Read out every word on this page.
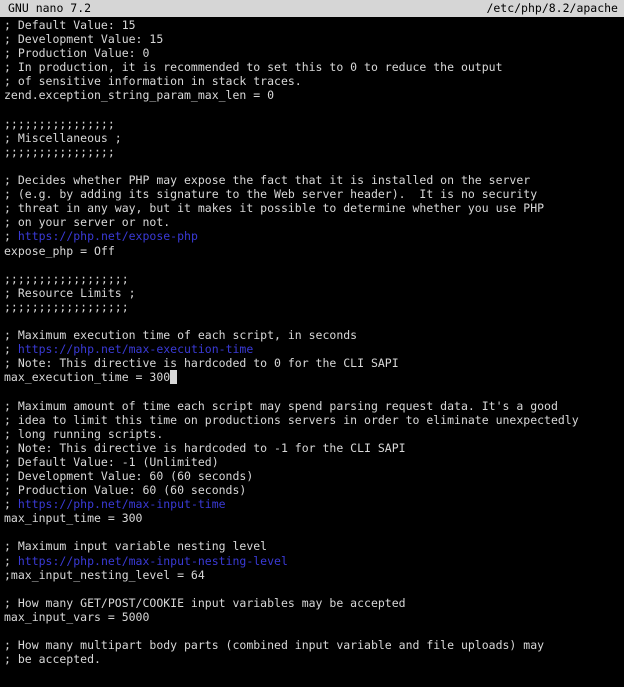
GNU nano 7.2	/etc/php/8.2/apache
; Default Value: 15
; Development Value: 15
; Production Value: 0
; In production, it is recommended to set this to 0 to reduce the output
; of sensitive information in stack traces.
zend.exception_string_param_max_len = 0
;;;;;;;;;;;;;;;;
; Miscellaneous ;
;;;;;;;;;;;;;;;;
; Decides whether PHP may expose the fact that it is installed on the server
; (e.g. by adding its signature to the Web server header).  It is no security
; threat in any way, but it makes it possible to determine whether you use PHP
; on your server or not.
; https://php.net/expose-php
expose_php = Off
;;;;;;;;;;;;;;;;;;
; Resource Limits ;
;;;;;;;;;;;;;;;;;;
; Maximum execution time of each script, in seconds
; https://php.net/max-execution-time
; Note: This directive is hardcoded to 0 for the CLI SAPI
max_execution_time = 300
; Maximum amount of time each script may spend parsing request data. It's a good
; idea to limit this time on productions servers in order to eliminate unexpectedly
; long running scripts.
; Note: This directive is hardcoded to -1 for the CLI SAPI
; Default Value: -1 (Unlimited)
; Development Value: 60 (60 seconds)
; Production Value: 60 (60 seconds)
; https://php.net/max-input-time
max_input_time = 300
; Maximum input variable nesting level
; https://php.net/max-input-nesting-level
;max_input_nesting_level = 64
; How many GET/POST/COOKIE input variables may be accepted
max_input_vars = 5000
; How many multipart body parts (combined input variable and file uploads) may
; be accepted.
